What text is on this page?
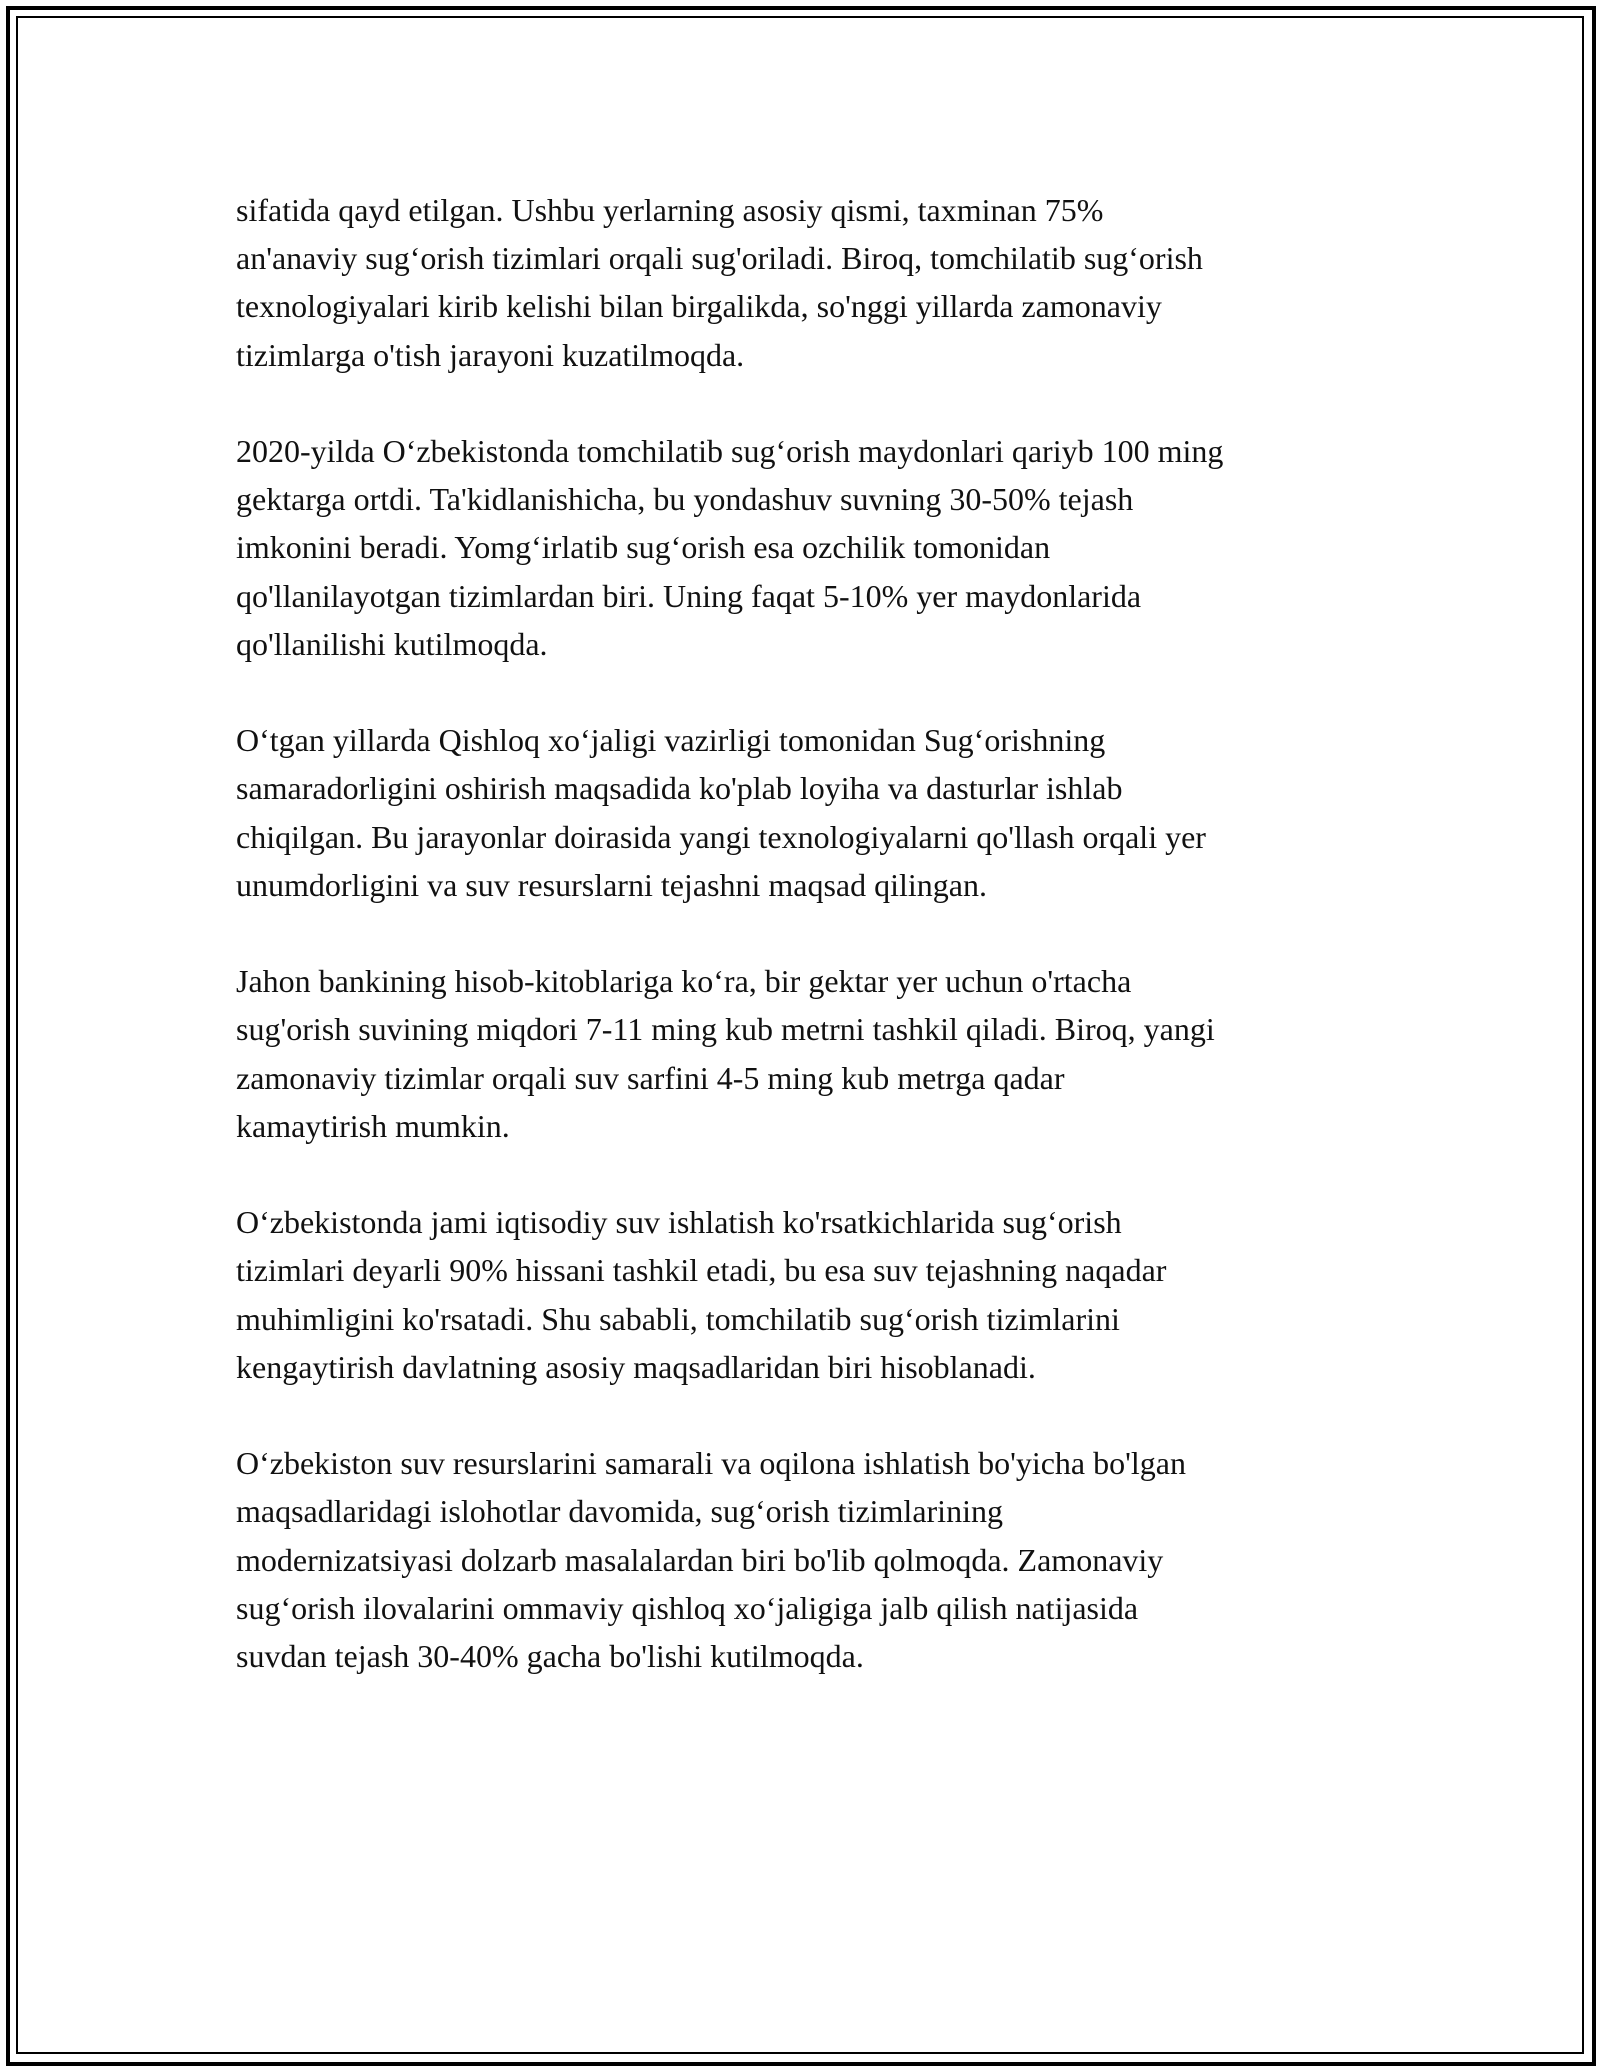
sifatida qayd etilgan. Ushbu yerlarning asosiy qismi, taxminan 75%
an'anaviy sug‘orish tizimlari orqali sug'oriladi. Biroq, tomchilatib sug‘orish
texnologiyalari kirib kelishi bilan birgalikda, so'nggi yillarda zamonaviy
tizimlarga o'tish jarayoni kuzatilmoqda.

2020-yilda O‘zbekistonda tomchilatib sug‘orish maydonlari qariyb 100 ming
gektarga ortdi. Ta'kidlanishicha, bu yondashuv suvning 30-50% tejash
imkonini beradi. Yomg‘irlatib sug‘orish esa ozchilik tomonidan
qo'llanilayotgan tizimlardan biri. Uning faqat 5-10% yer maydonlarida
qo'llanilishi kutilmoqda.

O‘tgan yillarda Qishloq xo‘jaligi vazirligi tomonidan Sug‘orishning
samaradorligini oshirish maqsadida ko'plab loyiha va dasturlar ishlab
chiqilgan. Bu jarayonlar doirasida yangi texnologiyalarni qo'llash orqali yer
unumdorligini va suv resurslarni tejashni maqsad qilingan.

Jahon bankining hisob-kitoblariga ko‘ra, bir gektar yer uchun o'rtacha
sug'orish suvining miqdori 7-11 ming kub metrni tashkil qiladi. Biroq, yangi
zamonaviy tizimlar orqali suv sarfini 4-5 ming kub metrga qadar
kamaytirish mumkin.

O‘zbekistonda jami iqtisodiy suv ishlatish ko'rsatkichlarida sug‘orish
tizimlari deyarli 90% hissani tashkil etadi, bu esa suv tejashning naqadar
muhimligini ko'rsatadi. Shu sababli, tomchilatib sug‘orish tizimlarini
kengaytirish davlatning asosiy maqsadlaridan biri hisoblanadi.

O‘zbekiston suv resurslarini samarali va oqilona ishlatish bo'yicha bo'lgan
maqsadlaridagi islohotlar davomida, sug‘orish tizimlarining
modernizatsiyasi dolzarb masalalardan biri bo'lib qolmoqda. Zamonaviy
sug‘orish ilovalarini ommaviy qishloq xo‘jaligiga jalb qilish natijasida
suvdan tejash 30-40% gacha bo'lishi kutilmoqda.
